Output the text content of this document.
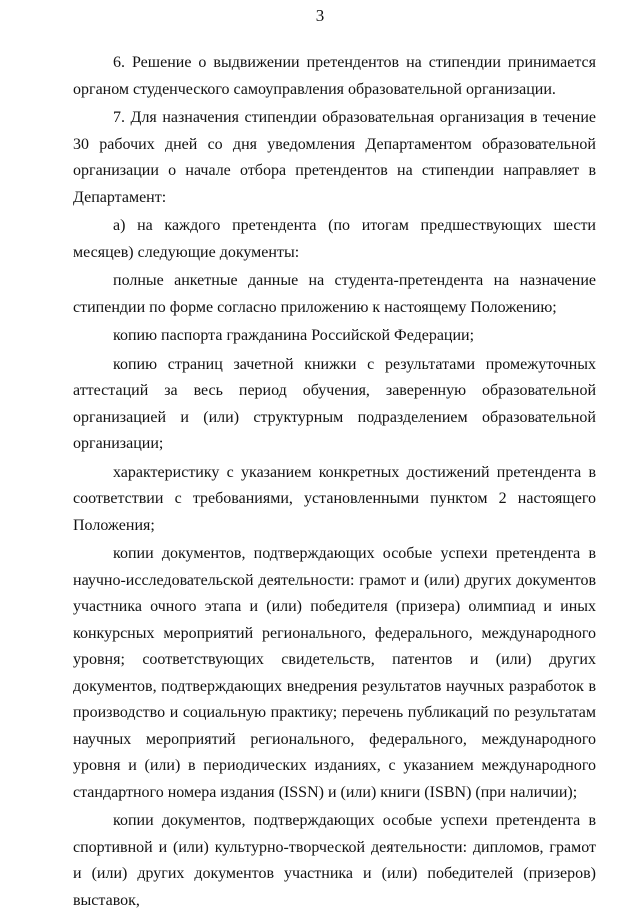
3

6. Решение о выдвижении претендентов на стипендии принимается органом студенческого самоуправления образовательной организации.

7. Для назначения стипендии образовательная организация в течение 30 рабочих дней со дня уведомления Департаментом образовательной организации о начале отбора претендентов на стипендии направляет в Департамент:

а) на каждого претендента (по итогам предшествующих шести месяцев) следующие документы:

полные анкетные данные на студента-претендента на назначение стипендии по форме согласно приложению к настоящему Положению;

копию паспорта гражданина Российской Федерации;

копию страниц зачетной книжки с результатами промежуточных аттестаций за весь период обучения, заверенную образовательной организацией и (или) структурным подразделением образовательной организации;

характеристику с указанием конкретных достижений претендента в соответствии с требованиями, установленными пунктом 2 настоящего Положения;

копии документов, подтверждающих особые успехи претендента в научно-исследовательской деятельности: грамот и (или) других документов участника очного этапа и (или) победителя (призера) олимпиад и иных конкурсных мероприятий регионального, федерального, международного уровня; соответствующих свидетельств, патентов и (или) других документов, подтверждающих внедрения результатов научных разработок в производство и социальную практику; перечень публикаций по результатам научных мероприятий регионального, федерального, международного уровня и (или) в периодических изданиях, с указанием международного стандартного номера издания (ISSN) и (или) книги (ISBN) (при наличии);

копии документов, подтверждающих особые успехи претендента в спортивной и (или) культурно-творческой деятельности: дипломов, грамот и (или) других документов участника и (или) победителей (призеров) выставок,
